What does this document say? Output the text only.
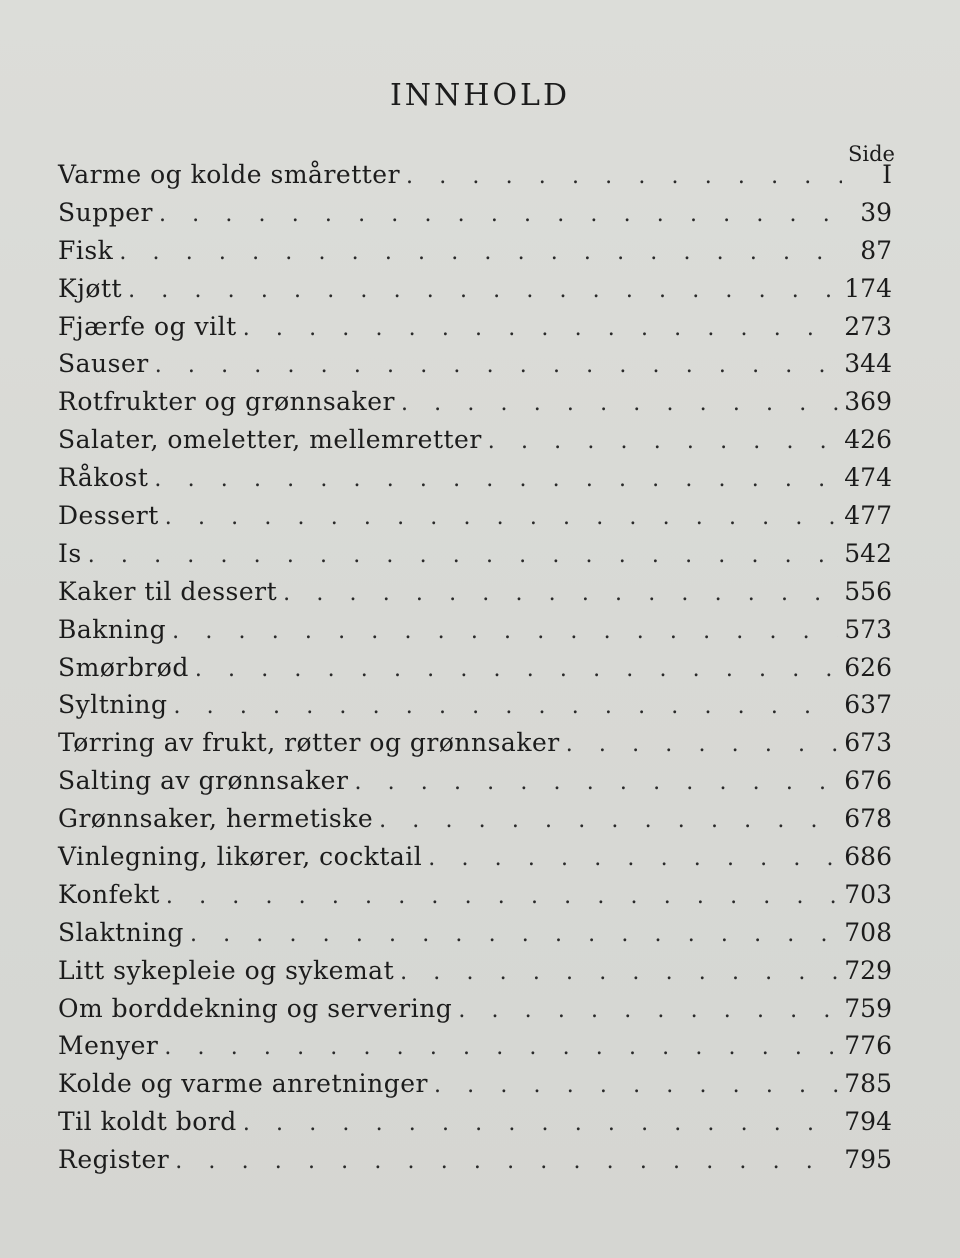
INNHOLD
Side
Varme og kolde småretter . . .	I
Supper . . .	39
Fisk . . .	87
Kjøtt . . .	174
Fjærfe og vilt . . .	273
Sauser . . .	344
Rotfrukter og grønnsaker . . .	369
Salater, omeletter, mellemretter . . .	426
Råkost . . .	474
Dessert . . .	477
Is . . .	542
Kaker til dessert . . .	556
Bakning . . .	573
Smørbrød . . .	626
Syltning . . .	637
Tørring av frukt, røtter og grønnsaker . . .	673
Salting av grønnsaker . . .	676
Grønnsaker, hermetiske . . .	678
Vinlegning, likører, cocktail . . .	686
Konfekt . . .	703
Slaktning . . .	708
Litt sykepleie og sykemat . . .	729
Om borddekning og servering . . .	759
Menyer . . .	776
Kolde og varme anretninger . . .	785
Til koldt bord . . .	794
Register . . .	795
